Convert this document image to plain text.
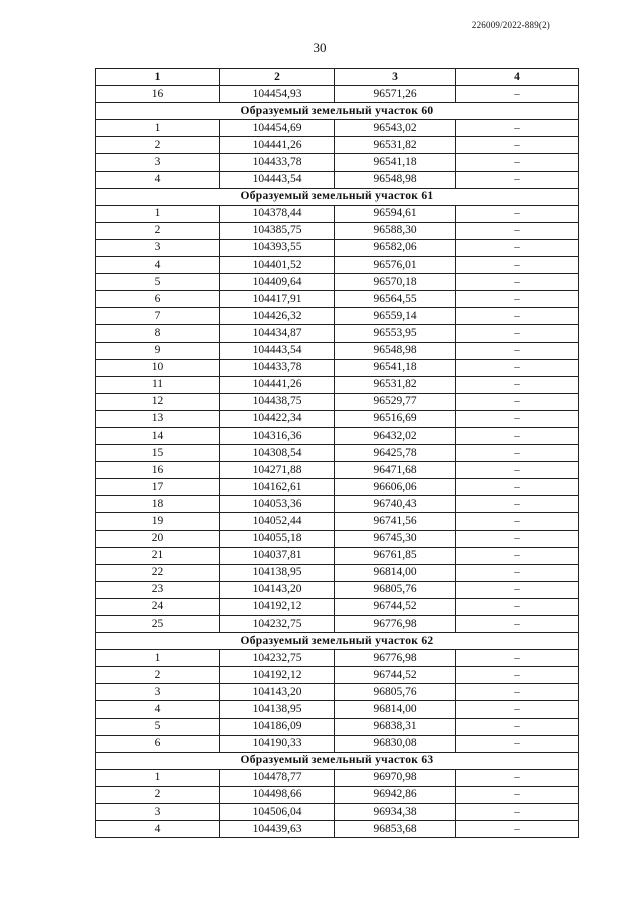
226009/2022-889(2)
30
1	2	3	4
16	104454,93	96571,26	–
Образуемый земельный участок 60			
1	104454,69	96543,02	–
2	104441,26	96531,82	–
3	104433,78	96541,18	–
4	104443,54	96548,98	–
Образуемый земельный участок 61			
1	104378,44	96594,61	–
2	104385,75	96588,30	–
3	104393,55	96582,06	–
4	104401,52	96576,01	–
5	104409,64	96570,18	–
6	104417,91	96564,55	–
7	104426,32	96559,14	–
8	104434,87	96553,95	–
9	104443,54	96548,98	–
10	104433,78	96541,18	–
11	104441,26	96531,82	–
12	104438,75	96529,77	–
13	104422,34	96516,69	–
14	104316,36	96432,02	–
15	104308,54	96425,78	–
16	104271,88	96471,68	–
17	104162,61	96606,06	–
18	104053,36	96740,43	–
19	104052,44	96741,56	–
20	104055,18	96745,30	–
21	104037,81	96761,85	–
22	104138,95	96814,00	–
23	104143,20	96805,76	–
24	104192,12	96744,52	–
25	104232,75	96776,98	–
Образуемый земельный участок 62			
1	104232,75	96776,98	–
2	104192,12	96744,52	–
3	104143,20	96805,76	–
4	104138,95	96814,00	–
5	104186,09	96838,31	–
6	104190,33	96830,08	–
Образуемый земельный участок 63			
1	104478,77	96970,98	–
2	104498,66	96942,86	–
3	104506,04	96934,38	–
4	104439,63	96853,68	–
